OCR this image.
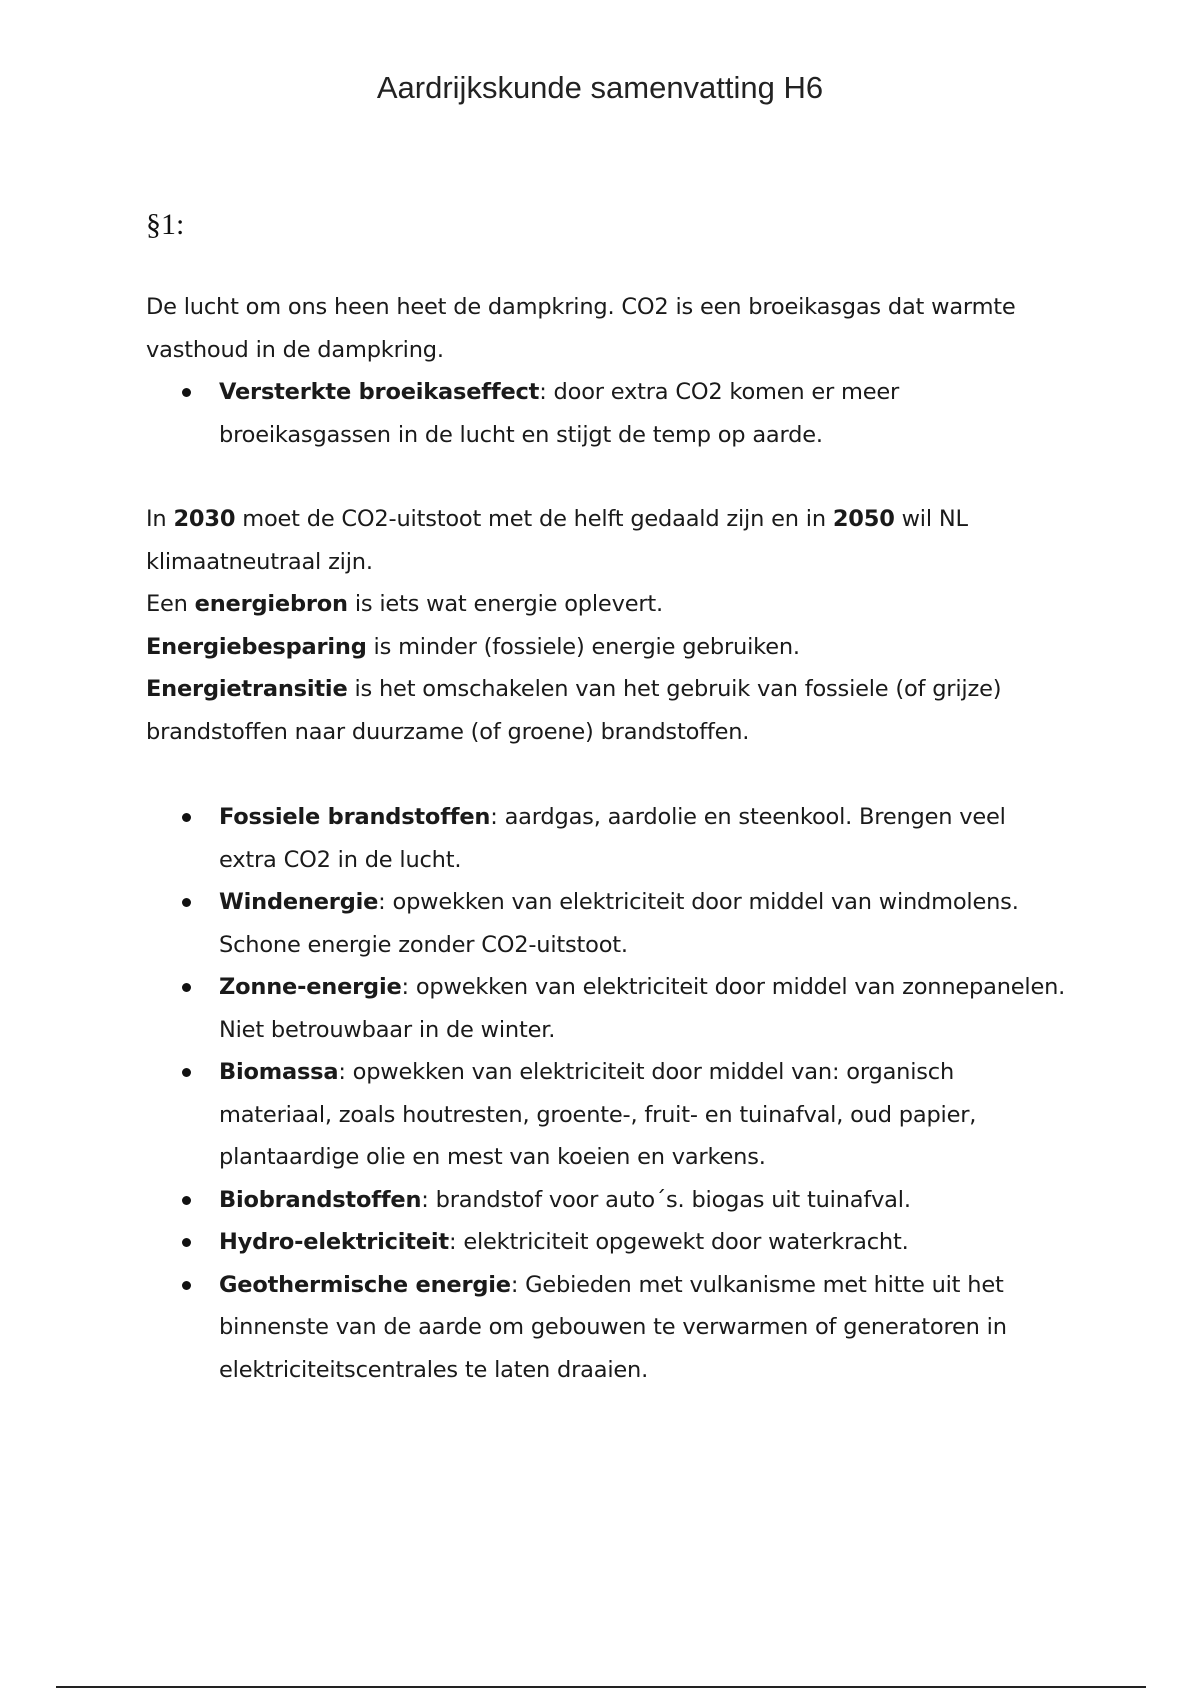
Aardrijkskunde samenvatting H6
§1:

De lucht om ons heen heet de dampkring. CO2 is een broeikasgas dat warmte vasthoud in de dampkring.

Versterkte broeikaseffect: door extra CO2 komen er meer broeikasgassen in de lucht en stijgt de temp op aarde.

In 2030 moet de CO2-uitstoot met de helft gedaald zijn en in 2050 wil NL klimaatneutraal zijn.

Een energiebron is iets wat energie oplevert.

Energiebesparing is minder (fossiele) energie gebruiken.

Energietransitie is het omschakelen van het gebruik van fossiele (of grijze) brandstoffen naar duurzame (of groene) brandstoffen.

Fossiele brandstoffen: aardgas, aardolie en steenkool. Brengen veel extra CO2 in de lucht.
Windenergie: opwekken van elektriciteit door middel van windmolens. Schone energie zonder CO2-uitstoot.
Zonne-energie: opwekken van elektriciteit door middel van zonnepanelen. Niet betrouwbaar in de winter.
Biomassa: opwekken van elektriciteit door middel van: organisch materiaal, zoals houtresten, groente-, fruit- en tuinafval, oud papier, plantaardige olie en mest van koeien en varkens.
Biobrandstoffen: brandstof voor auto´s. biogas uit tuinafval.
Hydro-elektriciteit: elektriciteit opgewekt door waterkracht.
Geothermische energie: Gebieden met vulkanisme met hitte uit het binnenste van de aarde om gebouwen te verwarmen of generatoren in elektriciteitscentrales te laten draaien.
